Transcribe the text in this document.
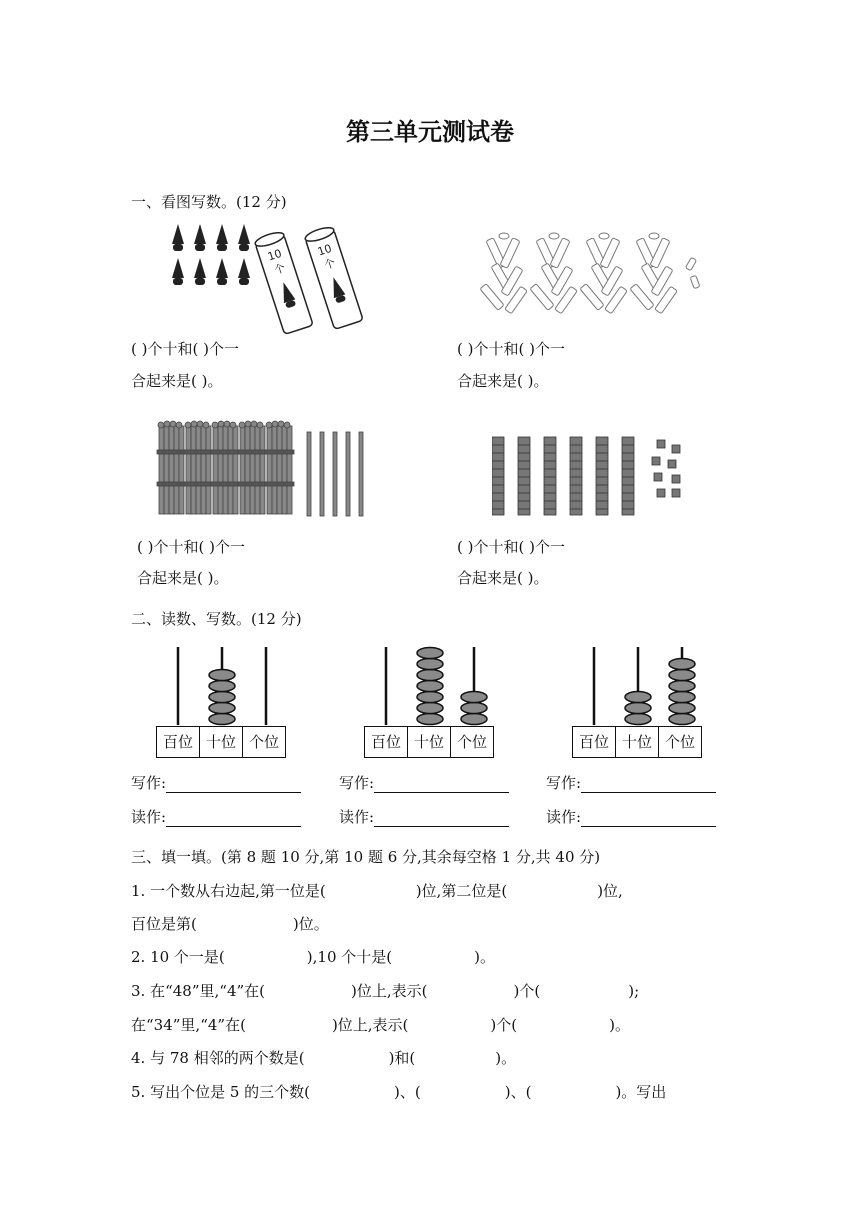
第三单元测试卷
一、看图写数。(12 分)
10
个
10
个
( )个十和( )个一
合起来是( )。
( )个十和( )个一
合起来是( )。
( )个十和( )个一
合起来是( )。
( )个十和( )个一
合起来是( )。
二、读数、写数。(12 分)
百位 十位 个位	百位 十位 个位	百位 十位 个位
写作:	写作:	写作:
读作:	读作:	读作:
三、填一填。(第 8 题 10 分,第 10 题 6 分,其余每空格 1 分,共 40 分)
1. 一个数从右边起,第一位是(	)位,第二位是(	)位,
百位是第(	)位。
2. 10 个一是(	),10 个十是(	)。
3. 在“48”里,“4”在(	)位上,表示(	)个(	);
在“34”里,“4”在(	)位上,表示(	)个(	)。
4. 与 78 相邻的两个数是(	)和(	)。
5. 写出个位是 5 的三个数(	)、(	)、(	)。写出
